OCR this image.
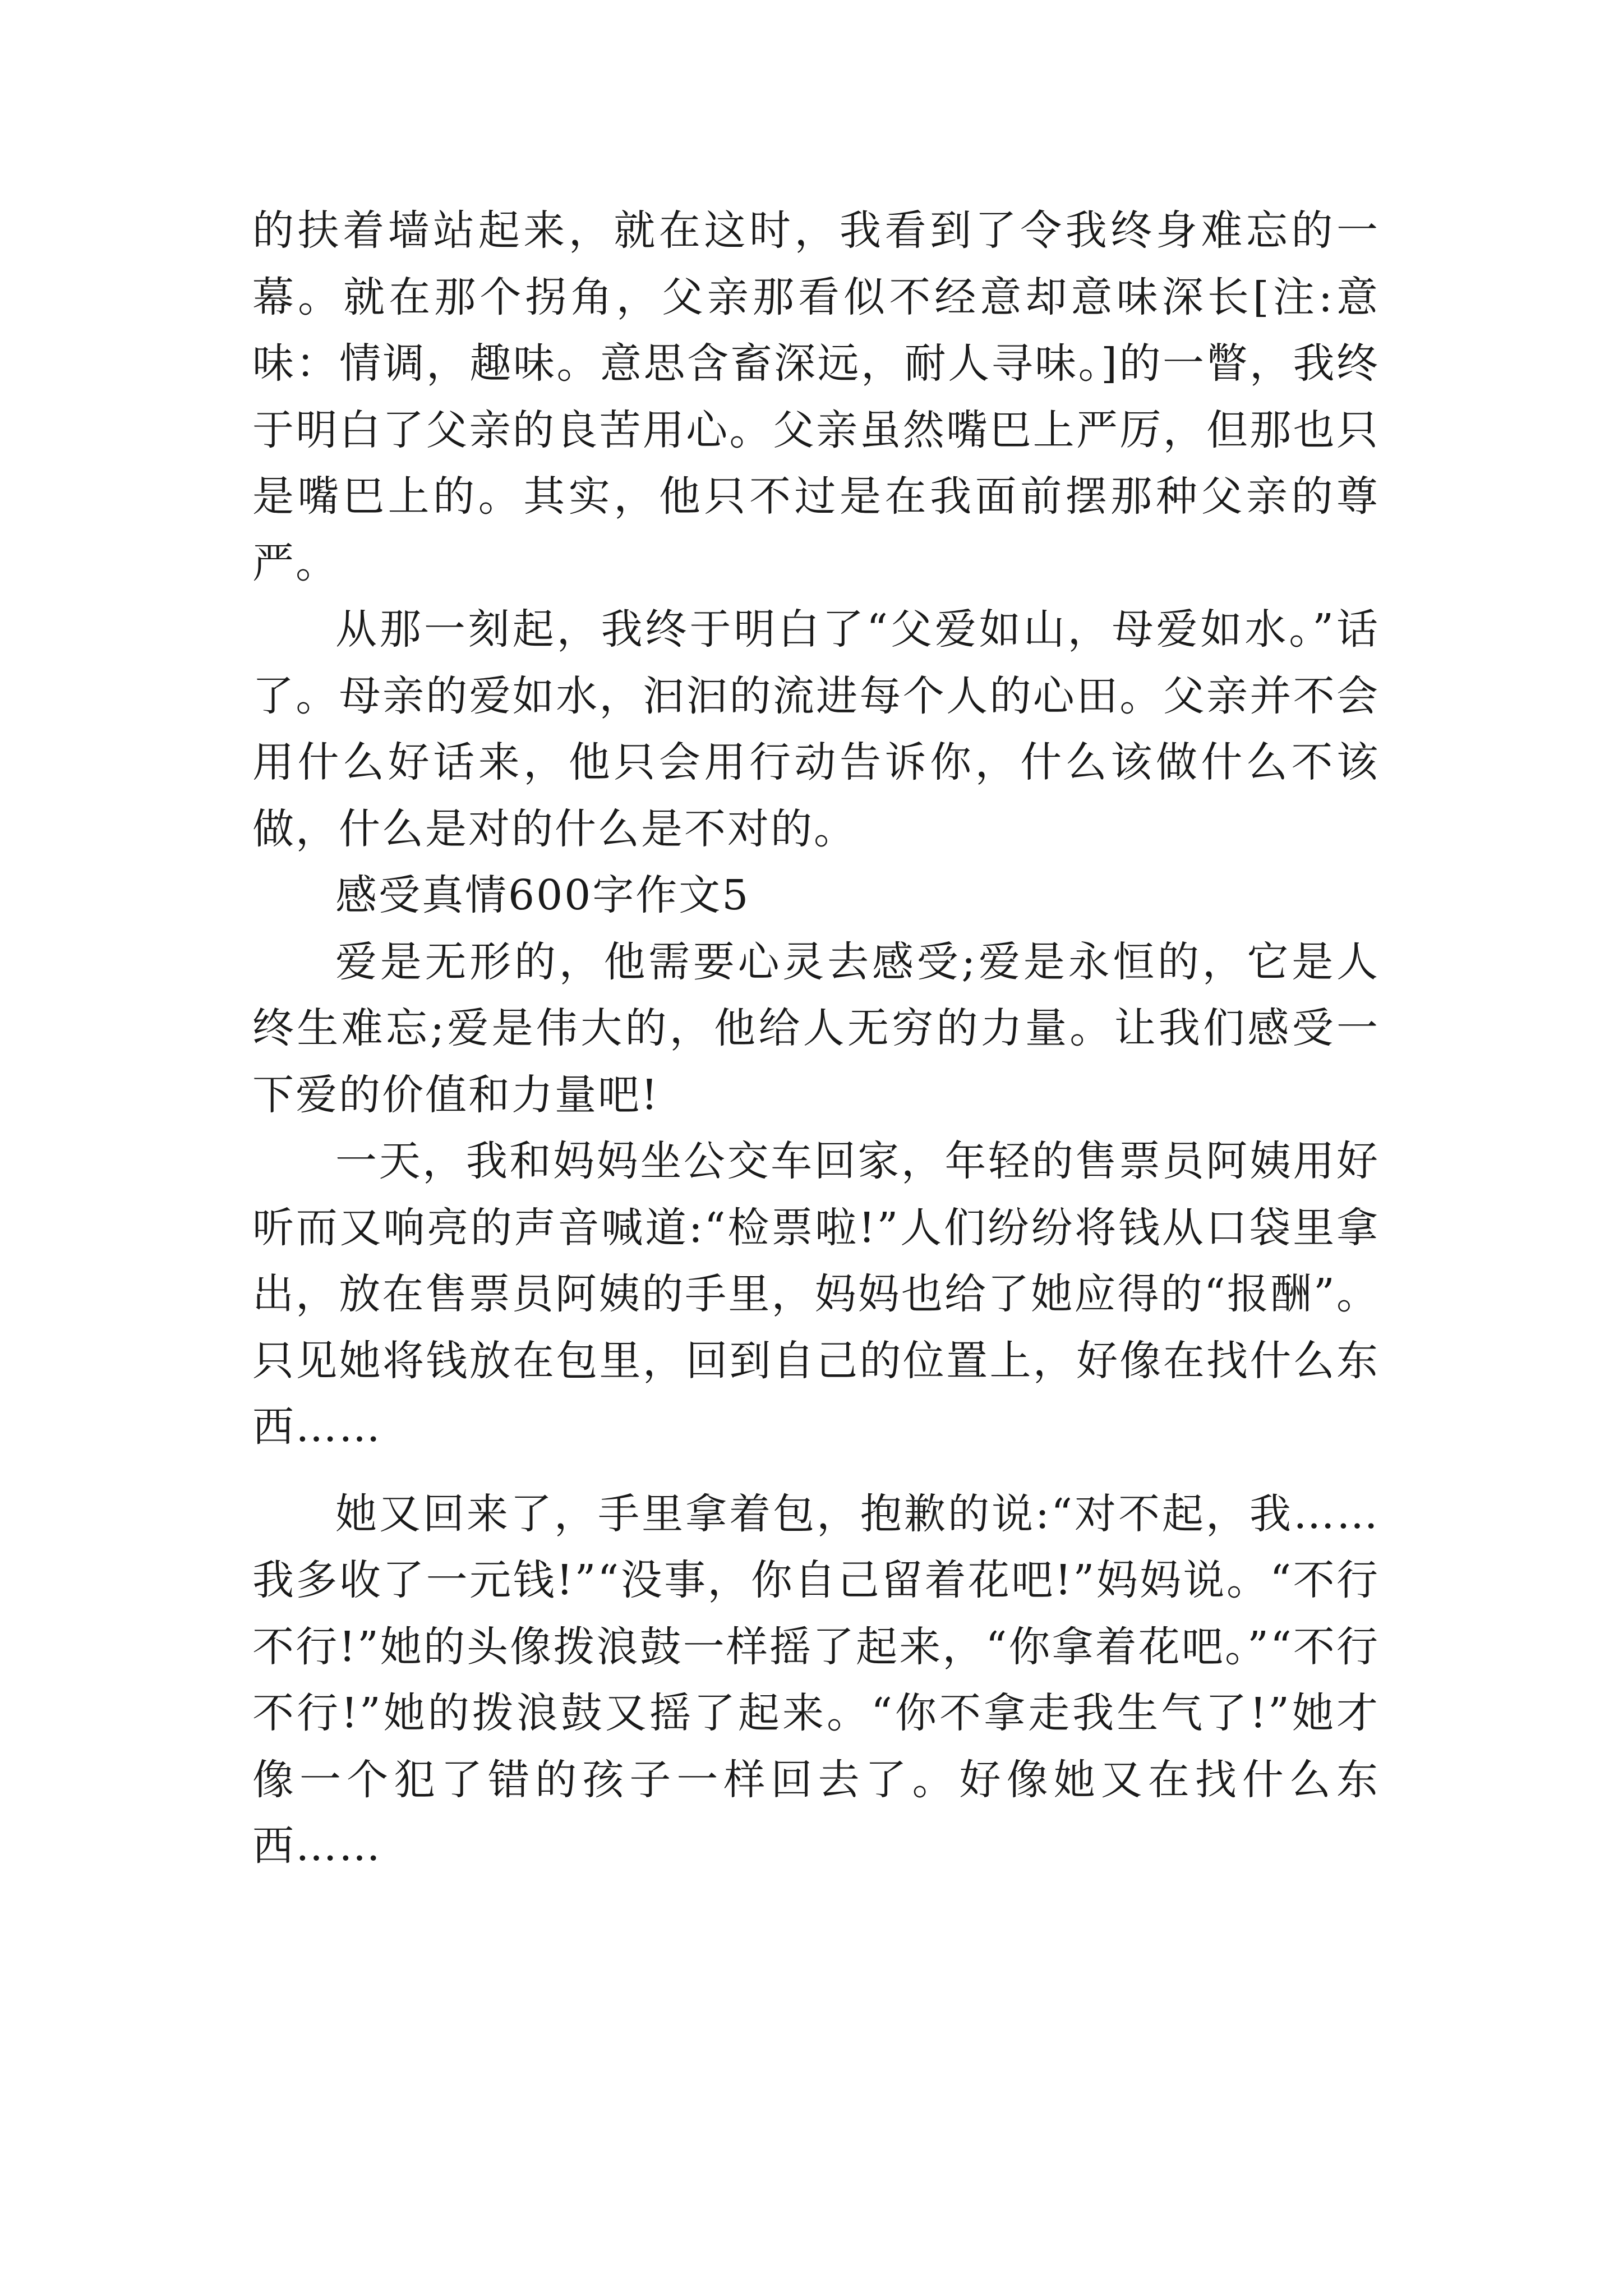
的扶着墙站起来，就在这时，我看到了令我终身难忘的一幕。就在那个拐角，父亲那看似不经意却意味深长[注:意味：情调，趣味。意思含畜深远，耐人寻味。]的一瞥，我终于明白了父亲的良苦用心。父亲虽然嘴巴上严厉，但那也只是嘴巴上的。其实，他只不过是在我面前摆那种父亲的尊严。

从那一刻起，我终于明白了“父爱如山，母爱如水。”话了。母亲的爱如水，汩汩的流进每个人的心田。父亲并不会用什么好话来，他只会用行动告诉你，什么该做什么不该做，什么是对的什么是不对的。

感受真情600字作文5

爱是无形的，他需要心灵去感受;爱是永恒的，它是人终生难忘;爱是伟大的，他给人无穷的力量。让我们感受一下爱的价值和力量吧!

一天，我和妈妈坐公交车回家，年轻的售票员阿姨用好听而又响亮的声音喊道:“检票啦!”人们纷纷将钱从口袋里拿出，放在售票员阿姨的手里，妈妈也给了她应得的“报酬”。只见她将钱放在包里，回到自己的位置上，好像在找什么东西……

她又回来了，手里拿着包，抱歉的说:“对不起，我……我多收了一元钱!”“没事，你自己留着花吧!”妈妈说。“不行不行!”她的头像拨浪鼓一样摇了起来，“你拿着花吧。”“不行不行!”她的拨浪鼓又摇了起来。“你不拿走我生气了!”她才像一个犯了错的孩子一样回去了。好像她又在找什么东西……
